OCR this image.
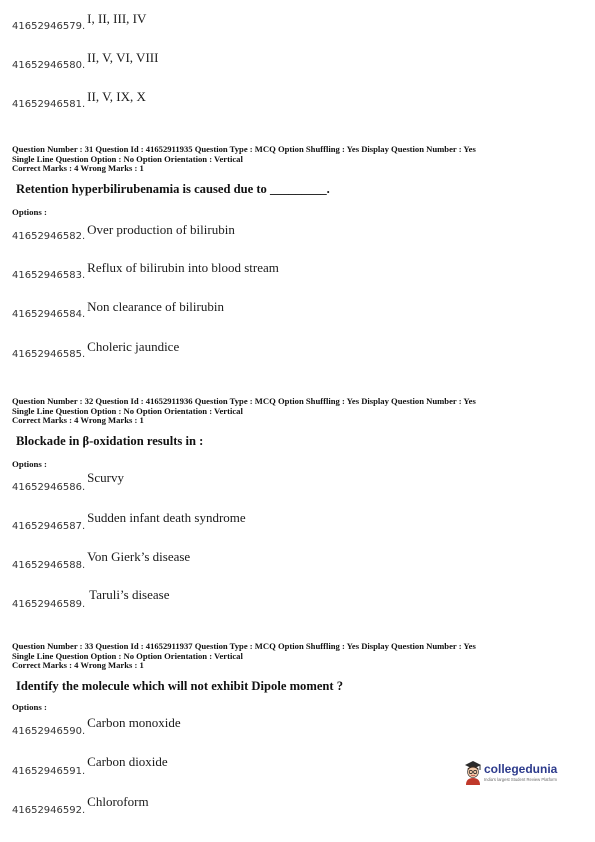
41652946579.$^{I, II, III, IV}$
41652946580.$^{II, V, VI, VIII}$
41652946581.$^{II, V, IX, X}$
Question Number : 31 Question Id : 41652911935 Question Type : MCQ Option Shuffling : Yes Display Question Number : Yes
Single Line Question Option : No Option Orientation : Vertical
Correct Marks : 4 Wrong Marks : 1
Retention hyperbilirubenamia is caused due to _________.
Options :
41652946582. Over production of bilirubin
41652946583.$^{Reflux of bilirubin into blood stream}$
41652946584.$^{Non clearance of bilirubin}$
41652946585.$^{Choleric jaundice}$
Question Number : 32 Question Id : 41652911936 Question Type : MCQ Option Shuffling : Yes Display Question Number : Yes
Single Line Question Option : No Option Orientation : Vertical
Correct Marks : 4 Wrong Marks : 1
Blockade in β-oxidation results in :
Options :
41652946586.$^{Scurvy}$
41652946587.$^{Sudden infant death syndrome}$
41652946588.$^{Von Gierk’s disease}$
41652946589.$^{Taruli’s disease}$
Question Number : 33 Question Id : 41652911937 Question Type : MCQ Option Shuffling : Yes Display Question Number : Yes
Single Line Question Option : No Option Orientation : Vertical
Correct Marks : 4 Wrong Marks : 1
Identify the molecule which will not exhibit Dipole moment ?
Options :
41652946590.$^{Carbon monoxide}$
41652946591.$^{Carbon dioxide}$
41652946592.$^{Chloroform}$
collegedunia
India's largest Student Review Platform
